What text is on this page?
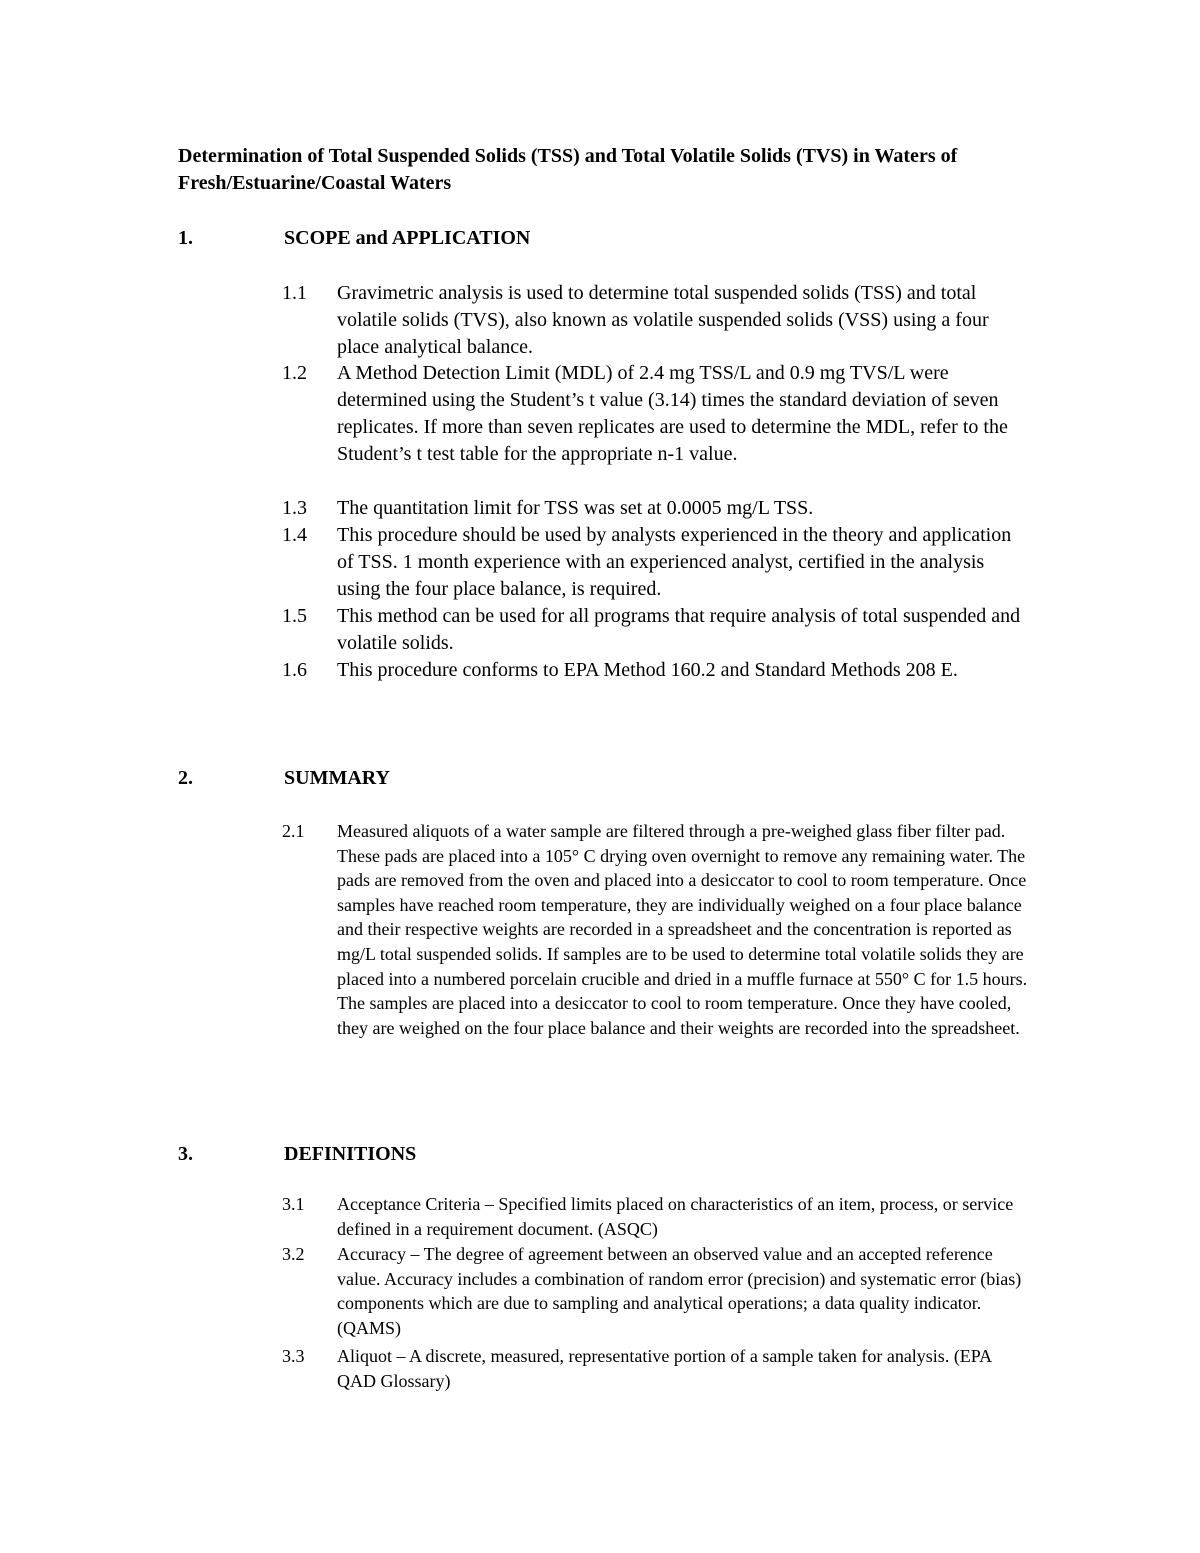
Determination of Total Suspended Solids (TSS) and Total Volatile Solids (TVS) in Waters of Fresh/Estuarine/Coastal Waters
1.	SCOPE and APPLICATION
1.1 Gravimetric analysis is used to determine total suspended solids (TSS) and total volatile solids (TVS), also known as volatile suspended solids (VSS) using a four place analytical balance.
1.2 A Method Detection Limit (MDL) of 2.4 mg TSS/L and 0.9 mg TVS/L were determined using the Student’s t value (3.14) times the standard deviation of seven replicates. If more than seven replicates are used to determine the MDL, refer to the Student’s t test table for the appropriate n-1 value.
1.3 The quantitation limit for TSS was set at 0.0005 mg/L TSS.
1.4 This procedure should be used by analysts experienced in the theory and application of TSS. 1 month experience with an experienced analyst, certified in the analysis using the four place balance, is required.
1.5 This method can be used for all programs that require analysis of total suspended and volatile solids.
1.6 This procedure conforms to EPA Method 160.2 and Standard Methods 208 E.
2.	SUMMARY
2.1 Measured aliquots of a water sample are filtered through a pre-weighed glass fiber filter pad. These pads are placed into a 105° C drying oven overnight to remove any remaining water. The pads are removed from the oven and placed into a desiccator to cool to room temperature. Once samples have reached room temperature, they are individually weighed on a four place balance and their respective weights are recorded in a spreadsheet and the concentration is reported as mg/L total suspended solids. If samples are to be used to determine total volatile solids they are placed into a numbered porcelain crucible and dried in a muffle furnace at 550° C for 1.5 hours. The samples are placed into a desiccator to cool to room temperature. Once they have cooled, they are weighed on the four place balance and their weights are recorded into the spreadsheet.
3.	DEFINITIONS
3.1 Acceptance Criteria – Specified limits placed on characteristics of an item, process, or service defined in a requirement document. (ASQC)
3.2 Accuracy – The degree of agreement between an observed value and an accepted reference value. Accuracy includes a combination of random error (precision) and systematic error (bias) components which are due to sampling and analytical operations; a data quality indicator. (QAMS)
3.3 Aliquot – A discrete, measured, representative portion of a sample taken for analysis. (EPA QAD Glossary)
